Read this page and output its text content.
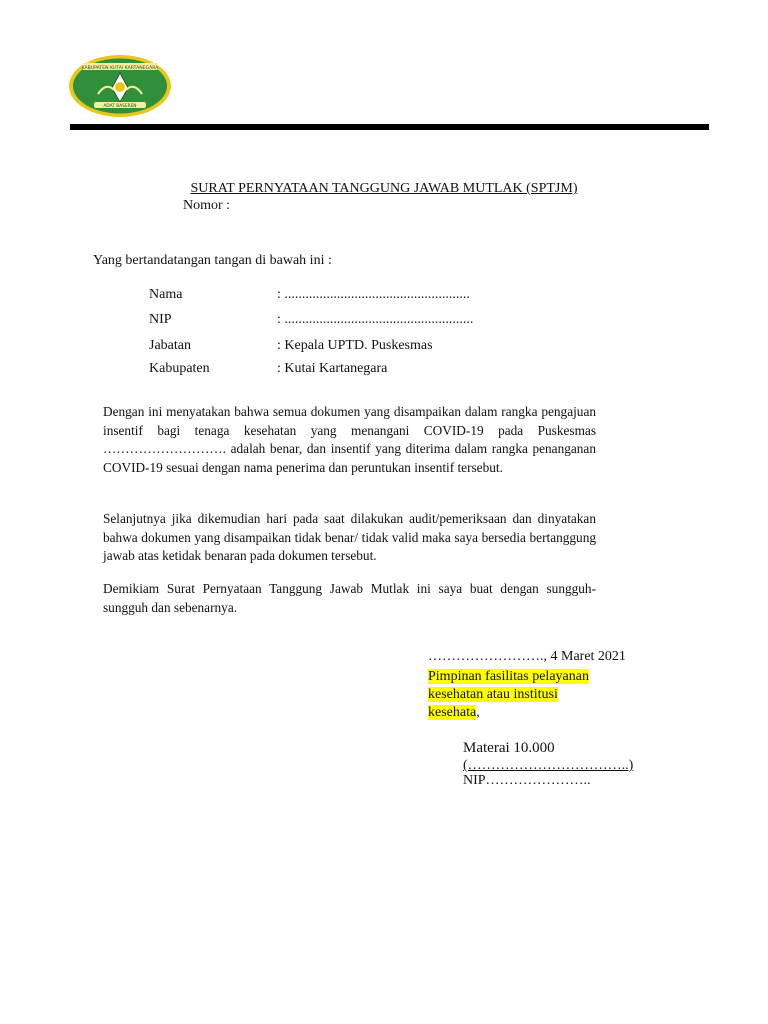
KABUPATEN KUTAI KARTANEGARA
ADAT BASEREN
SURAT PERNYATAAN TANGGUNG JAWAB MUTLAK (SPTJM)
Nomor :
Yang bertandatangan tangan di bawah ini :
Nama	: .....................................................
NIP	: ......................................................
Jabatan	: Kepala UPTD. Puskesmas
Kabupaten	: Kutai Kartanegara
Dengan ini menyatakan bahwa semua dokumen yang disampaikan dalam rangka pengajuan insentif bagi tenaga kesehatan yang menangani COVID-19 pada Puskesmas ………………………. adalah benar, dan insentif yang diterima dalam rangka penanganan COVID-19 sesuai dengan nama penerima dan peruntukan insentif tersebut.
Selanjutnya jika dikemudian hari pada saat dilakukan audit/pemeriksaan dan dinyatakan bahwa dokumen yang disampaikan tidak benar/ tidak valid maka saya bersedia bertanggung jawab atas ketidak benaran pada dokumen tersebut.
Demikiam Surat Pernyataan Tanggung Jawab Mutlak ini saya buat dengan sungguh-sungguh dan sebenarnya.
……………………., 4 Maret 2021
Pimpinan fasilitas pelayanan
kesehatan atau institusi
kesehata,
Materai 10.000
(……………………………..)
NIP…………………..
